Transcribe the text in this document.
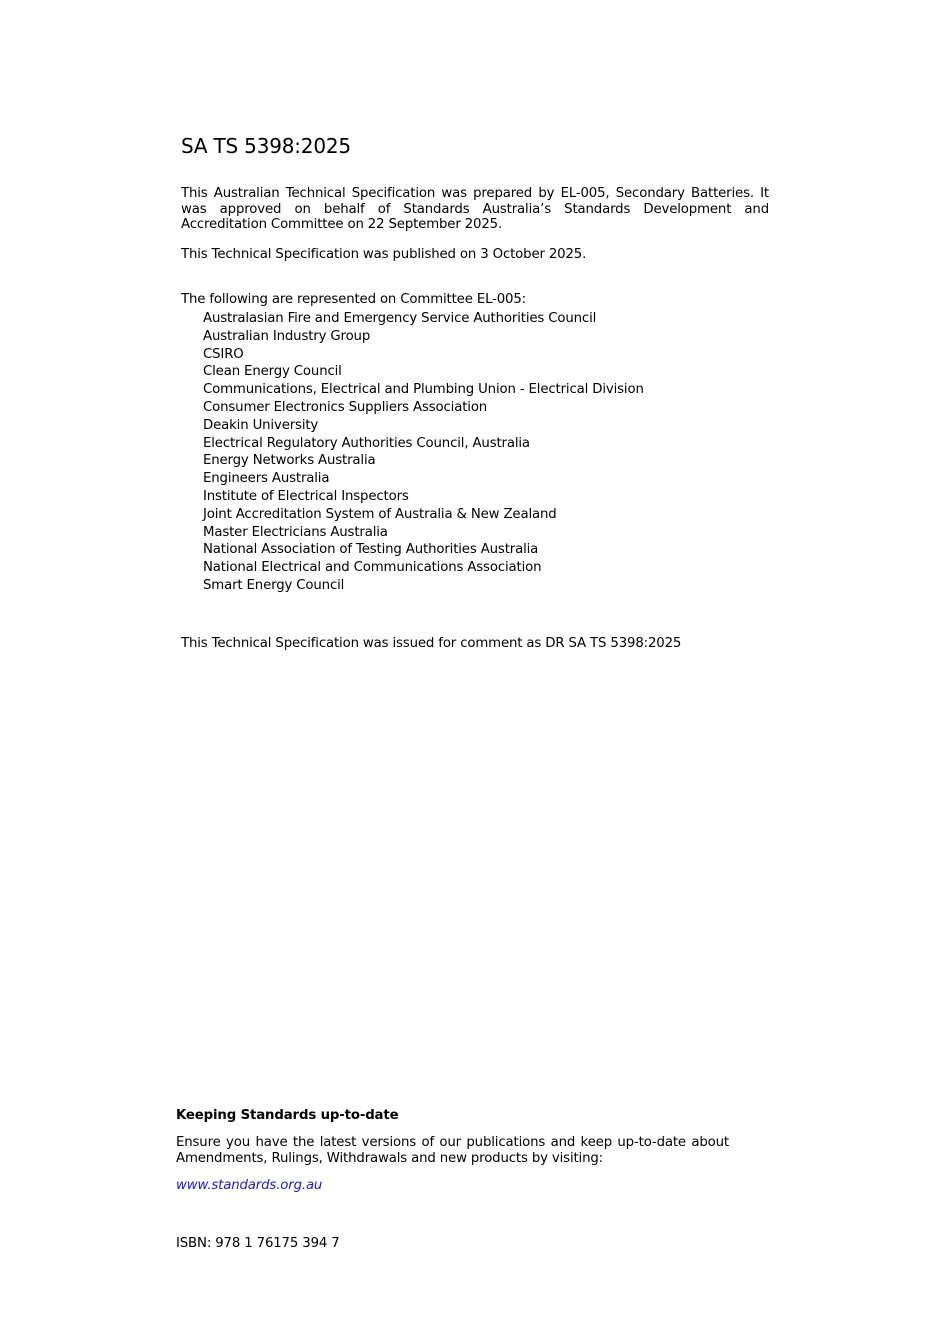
SA TS 5398:2025
This Australian Technical Specification was prepared by EL-005, Secondary Batteries. It was approved on behalf of Standards Australia’s Standards Development and Accreditation Committee on 22 September 2025.
This Technical Specification was published on 3 October 2025.
The following are represented on Committee EL-005:
Australasian Fire and Emergency Service Authorities Council
Australian Industry Group
CSIRO
Clean Energy Council
Communications, Electrical and Plumbing Union - Electrical Division
Consumer Electronics Suppliers Association
Deakin University
Electrical Regulatory Authorities Council, Australia
Energy Networks Australia
Engineers Australia
Institute of Electrical Inspectors
Joint Accreditation System of Australia & New Zealand
Master Electricians Australia
National Association of Testing Authorities Australia
National Electrical and Communications Association
Smart Energy Council
This Technical Specification was issued for comment as DR SA TS 5398:2025
Keeping Standards up-to-date
Ensure you have the latest versions of our publications and keep up-to-date about Amendments, Rulings, Withdrawals and new products by visiting:
www.standards.org.au
ISBN: 978 1 76175 394 7
